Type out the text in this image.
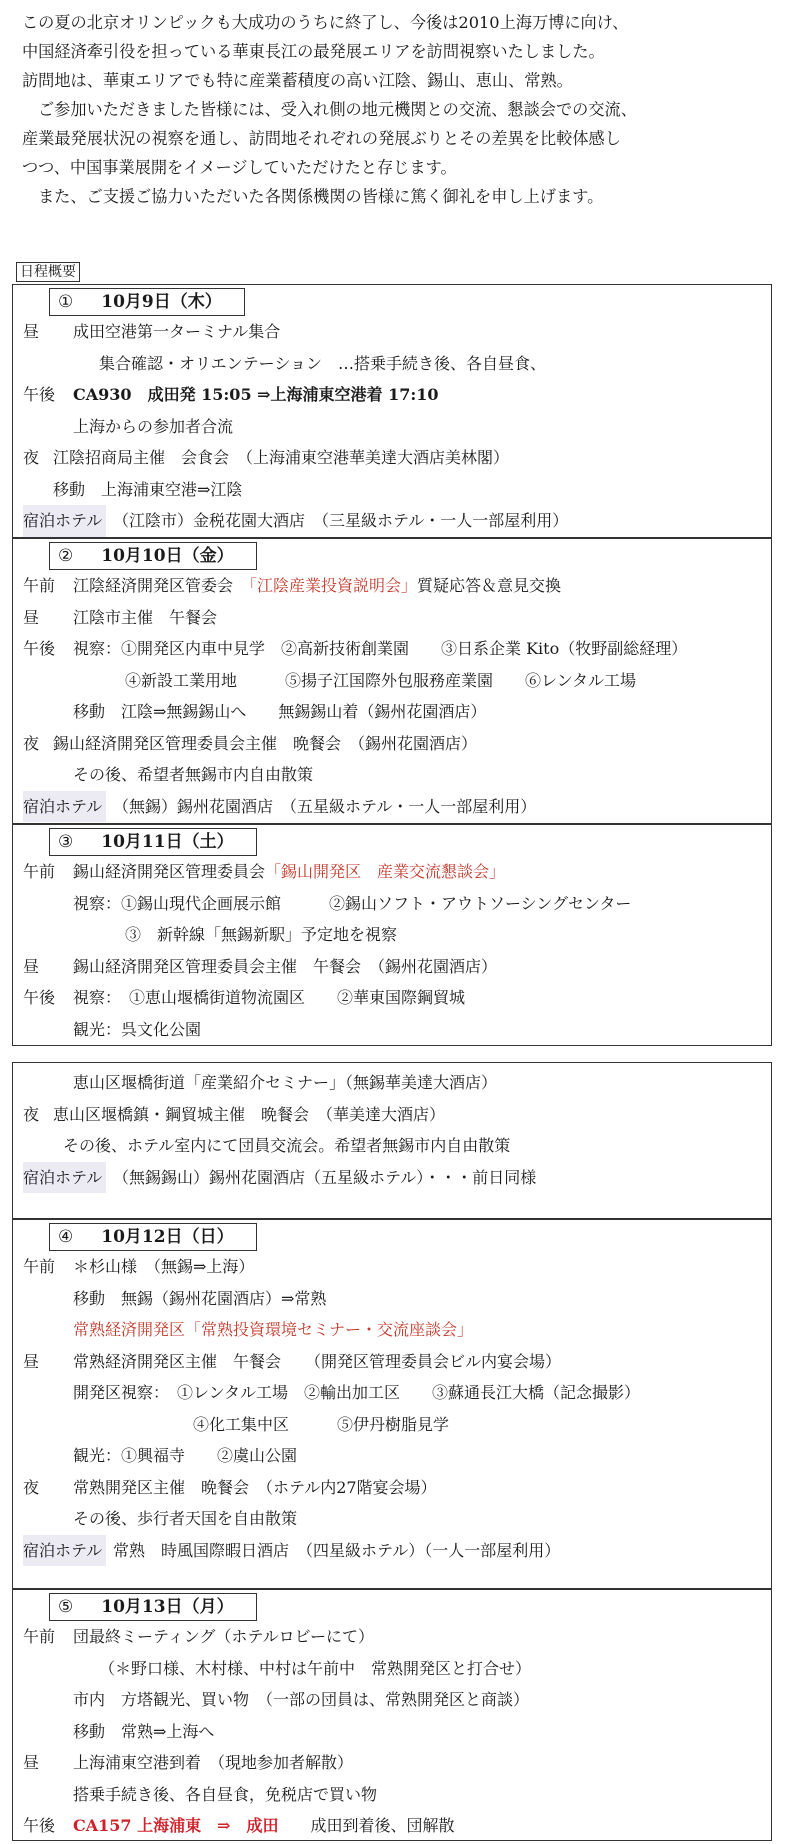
この夏の北京オリンピックも大成功のうちに終了し、今後は2010上海万博に向け、

中国経済牽引役を担っている華東長江の最発展エリアを訪問視察いたしました。

訪問地は、華東エリアでも特に産業蓄積度の高い江陰、錫山、恵山、常熟。

ご参加いただきました皆様には、受入れ側の地元機関との交流、懇談会での交流、

産業最発展状況の視察を通し、訪問地それぞれの発展ぶりとその差異を比較体感し

つつ、中国事業展開をイメージしていただけたと存じます。

また、ご支援ご協力いただいた各関係機関の皆様に篤く御礼を申し上げます。

日程概要
① 10月9日（木）
昼 成田空港第一ターミナル集合
集合確認・オリエンテーション　…搭乗手続き後、各自昼食、
午後 CA930　 成田発 15:05 ⇒上海浦東空港着 17:10
上海からの参加者合流
夜 江陰招商局主催　会食会　（上海浦東空港華美達大酒店美林閣）
移動　上海浦東空港⇒江陰
宿泊ホテル （江陰市）金税花園大酒店　（三星級ホテル・一人一部屋利用）
② 10月10日（金）
午前 江陰経済開発区管委会　「江陰産業投資説明会」質疑応答＆意見交換
昼 江陰市主催　午餐会
午後 視察：①開発区内車中見学　②高新技術創業園　　③日系企業 Kito（牧野副総経理）
④新設工業用地　　　⑤揚子江国際外包服務産業園　　⑥レンタル工場
移動　江陰⇒無錫錫山へ　　無錫錫山着（錫州花園酒店）
夜 錫山経済開発区管理委員会主催　晩餐会　（錫州花園酒店）
その後、希望者無錫市内自由散策
宿泊ホテル （無錫）錫州花園酒店　（五星級ホテル・一人一部屋利用）
③ 10月11日（土）
午前 錫山経済開発区管理委員会「錫山開発区　産業交流懇談会」
視察：①錫山現代企画展示館　　　②錫山ソフト・アウトソーシングセンター
③　新幹線「無錫新駅」予定地を視察
昼 錫山経済開発区管理委員会主催　午餐会　（錫州花園酒店）
午後 視察：　①恵山堰橋街道物流園区　　②華東国際鋼貿城
観光：呉文化公園
恵山区堰橋街道「産業紹介セミナー」（無錫華美達大酒店）
夜 恵山区堰橋鎮・鋼貿城主催　晩餐会　（華美達大酒店）
その後、ホテル室内にて団員交流会。希望者無錫市内自由散策
宿泊ホテル （無錫錫山）錫州花園酒店（五星級ホテル）・・・前日同様
④ 10月12日（日）
午前 ＊杉山様　（無錫⇒上海）
移動　無錫（錫州花園酒店）⇒常熟
常熟経済開発区「常熟投資環境セミナー・交流座談会」
昼 常熟経済開発区主催　午餐会　　（開発区管理委員会ビル内宴会場）
開発区視察：　①レンタル工場　②輸出加工区　　③蘇通長江大橋（記念撮影）
④化工集中区　　　⑤伊丹樹脂見学
観光：①興福寺　　②虞山公園
夜 常熟開発区主催　晩餐会　（ホテル内27階宴会場）
その後、歩行者天国を自由散策
宿泊ホテル 常熟　時風国際暇日酒店　（四星級ホテル）（一人一部屋利用）
⑤ 10月13日（月）
午前 団最終ミーティング（ホテルロビーにて）
（＊野口様、木村様、中村は午前中　常熟開発区と打合せ）
市内　方塔観光、買い物　（一部の団員は、常熟開発区と商談）
移動　常熟⇒上海へ
昼 上海浦東空港到着　（現地参加者解散）
搭乗手続き後、各自昼食，免税店で買い物
午後 CA157 上海浦東　⇒　成田　　 成田到着後、団解散
